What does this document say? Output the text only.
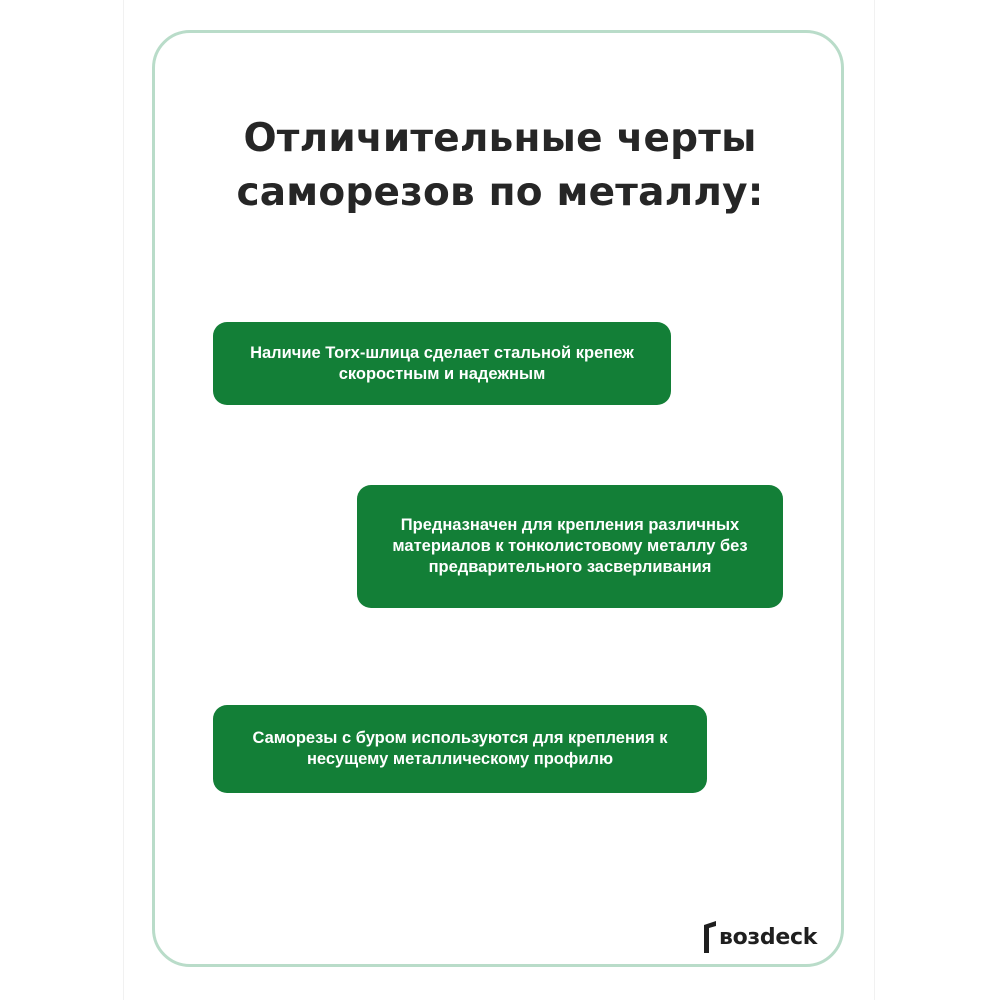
Отличительные черты
саморезов по металлу:
Наличие Torx-шлица сделает стальной крепеж
скоростным и надежным
Предназначен для крепления различных
материалов к тонколистовому металлу без
предварительного засверливания
Саморезы с буром используются для крепления к
несущему металлическому профилю
возdeck
